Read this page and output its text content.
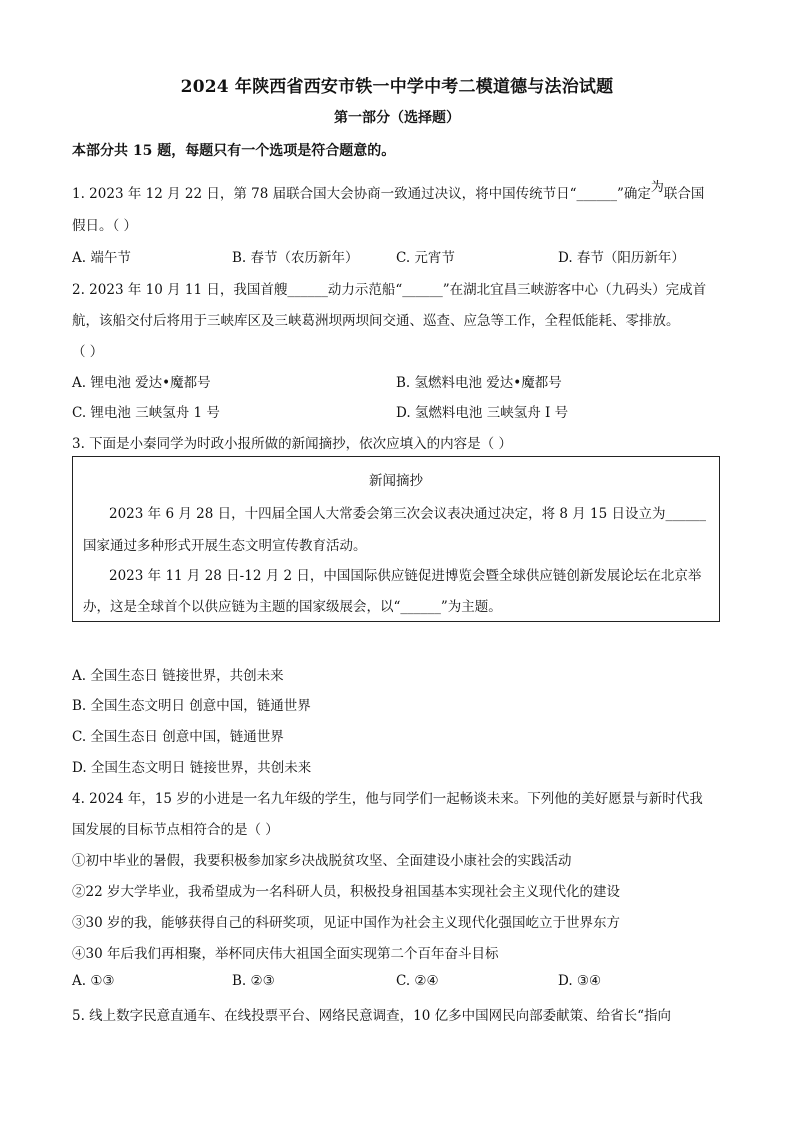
2024 年陕西省西安市铁一中学中考二模道德与法治试题
第一部分（选择题）
本部分共 15 题，每题只有一个选项是符合题意的。
1. 2023 年 12 月 22 日，第 78 届联合国大会协商一致通过决议，将中国传统节日“______”确定为联合国
假日。（ ）
A. 端午节	B. 春节（农历新年）	C. 元宵节	D. 春节（阳历新年）
2. 2023 年 10 月 11 日，我国首艘______动力示范船“______”在湖北宜昌三峡游客中心（九码头）完成首
航，该船交付后将用于三峡库区及三峡葛洲坝两坝间交通、巡查、应急等工作，全程低能耗、零排放。
（ ）
A. 锂电池 爱达•魔都号	B. 氢燃料电池 爱达•魔都号
C. 锂电池 三峡氢舟 1 号	D. 氢燃料电池 三峡氢舟 Ⅰ 号
3. 下面是小秦同学为时政小报所做的新闻摘抄，依次应填入的内容是（ ）
新闻摘抄
2023 年 6 月 28 日，十四届全国人大常委会第三次会议表决通过决定，将 8 月 15 日设立为______
国家通过多种形式开展生态文明宣传教育活动。
2023 年 11 月 28 日-12 月 2 日，中国国际供应链促进博览会暨全球供应链创新发展论坛在北京举
办，这是全球首个以供应链为主题的国家级展会，以“______”为主题。
A. 全国生态日 链接世界，共创未来
B. 全国生态文明日 创意中国，链通世界
C. 全国生态日 创意中国，链通世界
D. 全国生态文明日 链接世界，共创未来
4. 2024 年，15 岁的小进是一名九年级的学生，他与同学们一起畅谈未来。下列他的美好愿景与新时代我
国发展的目标节点相符合的是（ ）
①初中毕业的暑假，我要积极参加家乡决战脱贫攻坚、全面建设小康社会的实践活动
②22 岁大学毕业，我希望成为一名科研人员，积极投身祖国基本实现社会主义现代化的建设
③30 岁的我，能够获得自己的科研奖项，见证中国作为社会主义现代化强国屹立于世界东方
④30 年后我们再相聚，举杯同庆伟大祖国全面实现第二个百年奋斗目标
A. ①③	B. ②③	C. ②④	D. ③④
5. 线上数字民意直通车、在线投票平台、网络民意调查，10 亿多中国网民向部委献策、给省长“指向
